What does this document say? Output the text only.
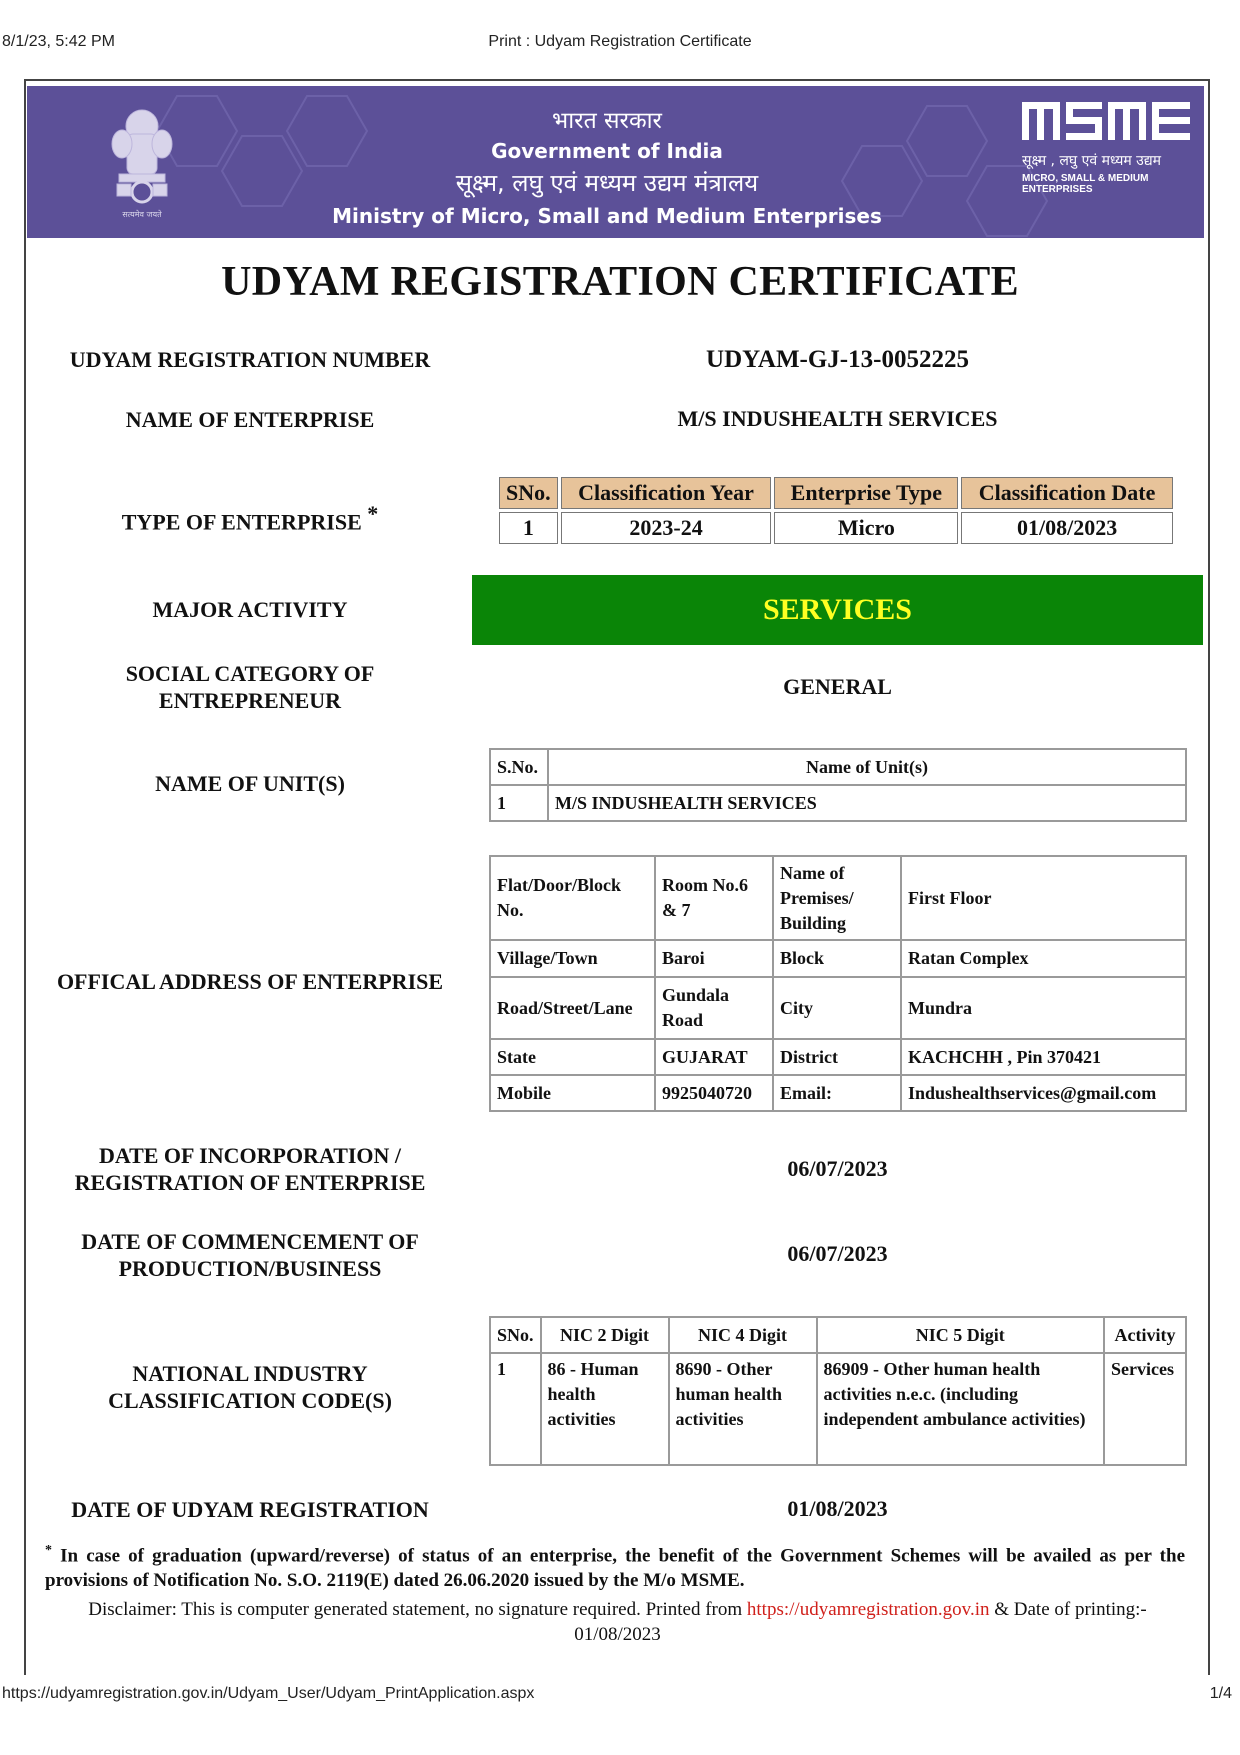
8/1/23, 5:42 PM	Print : Udyam Registration Certificate
सत्यमेव जयते
भारत सरकार
Government of India
सूक्ष्म, लघु एवं मध्यम उद्यम मंत्रालय
Ministry of Micro, Small and Medium Enterprises
सूक्ष्म , लघु एवं मध्यम उद्यम
MICRO, SMALL & MEDIUM ENTERPRISES
UDYAM REGISTRATION CERTIFICATE
UDYAM REGISTRATION NUMBER	UDYAM-GJ-13-0052225
NAME OF ENTERPRISE	M/S INDUSHEALTH SERVICES
TYPE OF ENTERPRISE *
SNo.	Classification Year	Enterprise Type	Classification Date
1	2023-24	Micro	01/08/2023
MAJOR ACTIVITY	SERVICES
SOCIAL CATEGORY OF
ENTREPRENEUR
GENERAL
NAME OF UNIT(S)
S.No.	Name of Unit(s)
1	M/S INDUSHEALTH SERVICES
OFFICAL ADDRESS OF ENTERPRISE
Flat/Door/Block No.	Room No.6 & 7	Name of Premises/ Building	First Floor
Village/Town	Baroi	Block	Ratan Complex
Road/Street/Lane	Gundala Road	City	Mundra
State	GUJARAT	District	KACHCHH , Pin 370421
Mobile	9925040720	Email:	Indushealthservices@gmail.com
DATE OF INCORPORATION /
REGISTRATION OF ENTERPRISE
06/07/2023
DATE OF COMMENCEMENT OF
PRODUCTION/BUSINESS
06/07/2023
NATIONAL INDUSTRY
CLASSIFICATION CODE(S)
SNo.	NIC 2 Digit	NIC 4 Digit	NIC 5 Digit	Activity
1	86 - Human health activities	8690 - Other human health activities	86909 - Other human health activities n.e.c. (including independent ambulance activities)	Services
DATE OF UDYAM REGISTRATION	01/08/2023
* In case of graduation (upward/reverse) of status of an enterprise, the benefit of the Government Schemes will be availed as per the provisions of Notification No. S.O. 2119(E) dated 26.06.2020 issued by the M/o MSME.
Disclaimer: This is computer generated statement, no signature required. Printed from https://udyamregistration.gov.in & Date of printing:-
01/08/2023
https://udyamregistration.gov.in/Udyam_User/Udyam_PrintApplication.aspx	1/4
